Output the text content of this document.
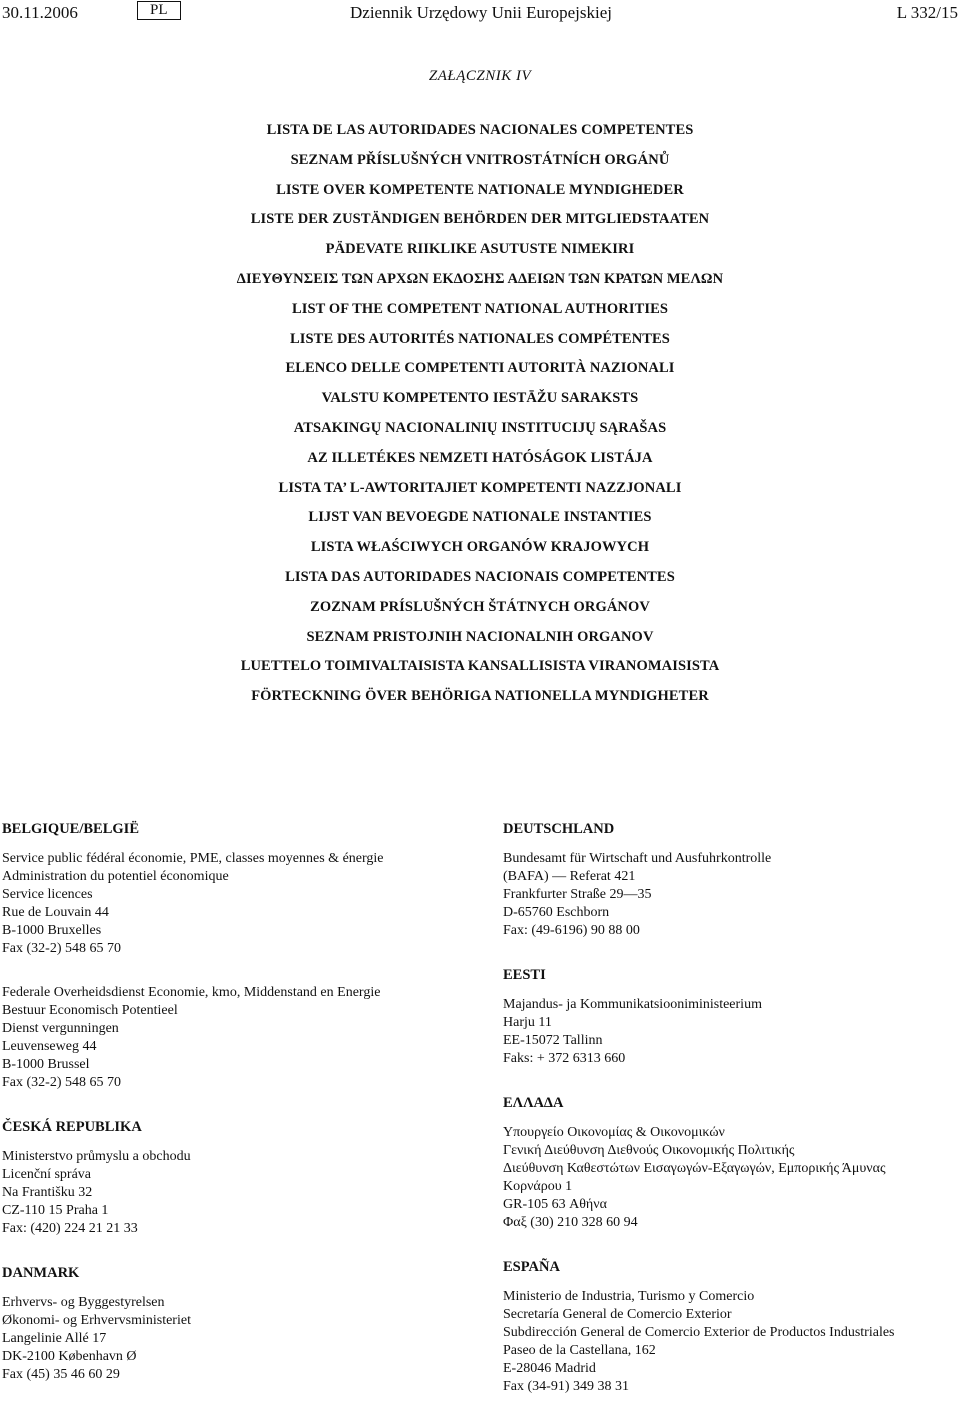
30.11.2006	PL	Dziennik Urzędowy Unii Europejskiej	L 332/15
ZAŁĄCZNIK IV
LISTA DE LAS AUTORIDADES NACIONALES COMPETENTES
SEZNAM PŘÍSLUŠNÝCH VNITROSTÁTNÍCH ORGÁNŮ
LISTE OVER KOMPETENTE NATIONALE MYNDIGHEDER
LISTE DER ZUSTÄNDIGEN BEHÖRDEN DER MITGLIEDSTAATEN
PÄDEVATE RIIKLIKE ASUTUSTE NIMEKIRI
ΔΙΕΥΘΥΝΣΕΙΣ ΤΩΝ ΑΡΧΩΝ ΕΚΔΟΣΗΣ ΑΔΕΙΩΝ ΤΩΝ ΚΡΑΤΩΝ ΜΕΛΩΝ
LIST OF THE COMPETENT NATIONAL AUTHORITIES
LISTE DES AUTORITÉS NATIONALES COMPÉTENTES
ELENCO DELLE COMPETENTI AUTORITÀ NAZIONALI
VALSTU KOMPETENTO IESTĀŽU SARAKSTS
ATSAKINGŲ NACIONALINIŲ INSTITUCIJŲ SĄRAŠAS
AZ ILLETÉKES NEMZETI HATÓSÁGOK LISTÁJA
LISTA TA’ L-AWTORITAJIET KOMPETENTI NAZZJONALI
LIJST VAN BEVOEGDE NATIONALE INSTANTIES
LISTA WŁAŚCIWYCH ORGANÓW KRAJOWYCH
LISTA DAS AUTORIDADES NACIONAIS COMPETENTES
ZOZNAM PRÍSLUŠNÝCH ŠTÁTNYCH ORGÁNOV
SEZNAM PRISTOJNIH NACIONALNIH ORGANOV
LUETTELO TOIMIVALTAISISTA KANSALLISISTA VIRANOMAISISTA
FÖRTECKNING ÖVER BEHÖRIGA NATIONELLA MYNDIGHETER
BELGIQUE/BELGIË
Service public fédéral économie, PME, classes moyennes & énergie
Administration du potentiel économique
Service licences
Rue de Louvain 44
B-1000 Bruxelles
Fax (32-2) 548 65 70
Federale Overheidsdienst Economie, kmo, Middenstand en Energie
Bestuur Economisch Potentieel
Dienst vergunningen
Leuvenseweg 44
B-1000 Brussel
Fax (32-2) 548 65 70
ČESKÁ REPUBLIKA
Ministerstvo průmyslu a obchodu
Licenční správa
Na Františku 32
CZ-110 15 Praha 1
Fax: (420) 224 21 21 33
DANMARK
Erhvervs- og Byggestyrelsen
Økonomi- og Erhvervsministeriet
Langelinie Allé 17
DK-2100 København Ø
Fax (45) 35 46 60 29
DEUTSCHLAND
Bundesamt für Wirtschaft und Ausfuhrkontrolle
(BAFA) — Referat 421
Frankfurter Straße 29—35
D-65760 Eschborn
Fax: (49-6196) 90 88 00
EESTI
Majandus- ja Kommunikatsiooniministeerium
Harju 11
EE-15072 Tallinn
Faks: + 372 6313 660
ΕΛΛΑΔΑ
Υπουργείο Οικονομίας & Οικονομικών
Γενική Διεύθυνση Διεθνούς Οικονομικής Πολιτικής
Διεύθυνση Καθεστώτων Εισαγωγών-Εξαγωγών, Εμπορικής Άμυνας
Κορνάρου 1
GR-105 63 Αθήνα
Φαξ (30) 210 328 60 94
ESPAÑA
Ministerio de Industria, Turismo y Comercio
Secretaría General de Comercio Exterior
Subdirección General de Comercio Exterior de Productos Industriales
Paseo de la Castellana, 162
E-28046 Madrid
Fax (34-91) 349 38 31
